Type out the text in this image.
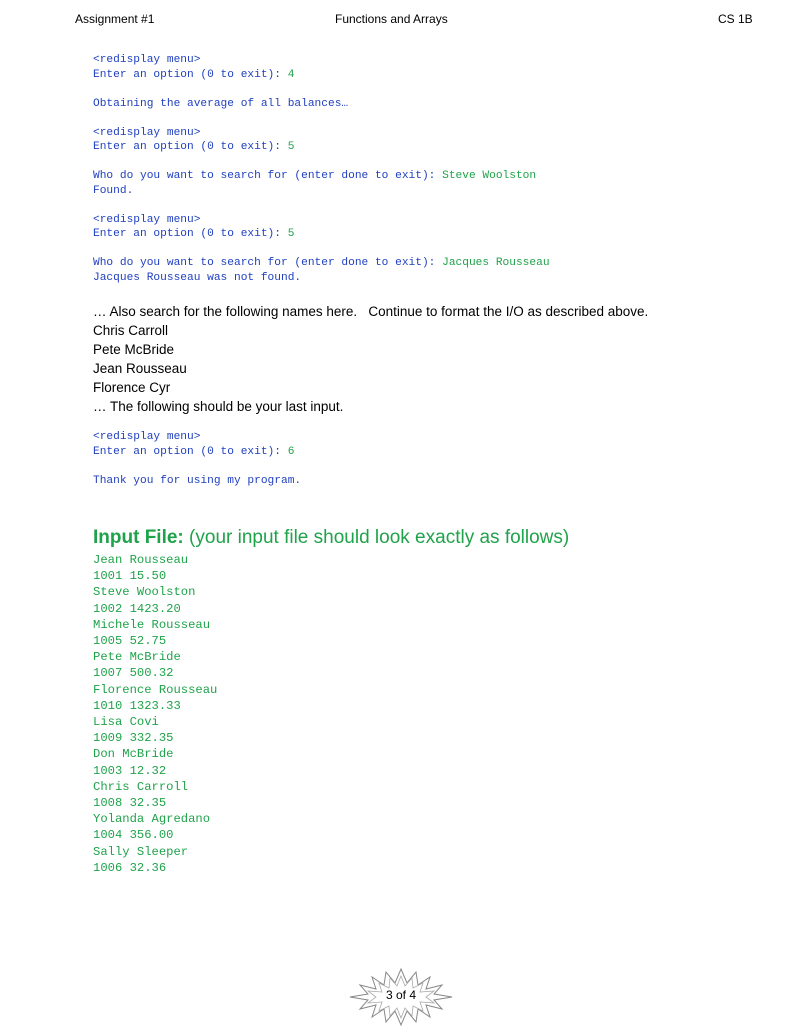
Assignment #1	Functions and Arrays	CS 1B
<redisplay menu>
Enter an option (0 to exit): 4
Obtaining the average of all balances…
<redisplay menu>
Enter an option (0 to exit): 5
Who do you want to search for (enter done to exit): Steve Woolston
Found.
<redisplay menu>
Enter an option (0 to exit): 5
Who do you want to search for (enter done to exit): Jacques Rousseau
Jacques Rousseau was not found.
… Also search for the following names here.   Continue to format the I/O as described above.
Chris Carroll
Pete McBride
Jean Rousseau
Florence Cyr
… The following should be your last input.
<redisplay menu>
Enter an option (0 to exit): 6
Thank you for using my program.
Input File: (your input file should look exactly as follows)
Jean Rousseau
1001 15.50
Steve Woolston
1002 1423.20
Michele Rousseau
1005 52.75
Pete McBride
1007 500.32
Florence Rousseau
1010 1323.33
Lisa Covi
1009 332.35
Don McBride
1003 12.32
Chris Carroll
1008 32.35
Yolanda Agredano
1004 356.00
Sally Sleeper
1006 32.36
3 of 4
